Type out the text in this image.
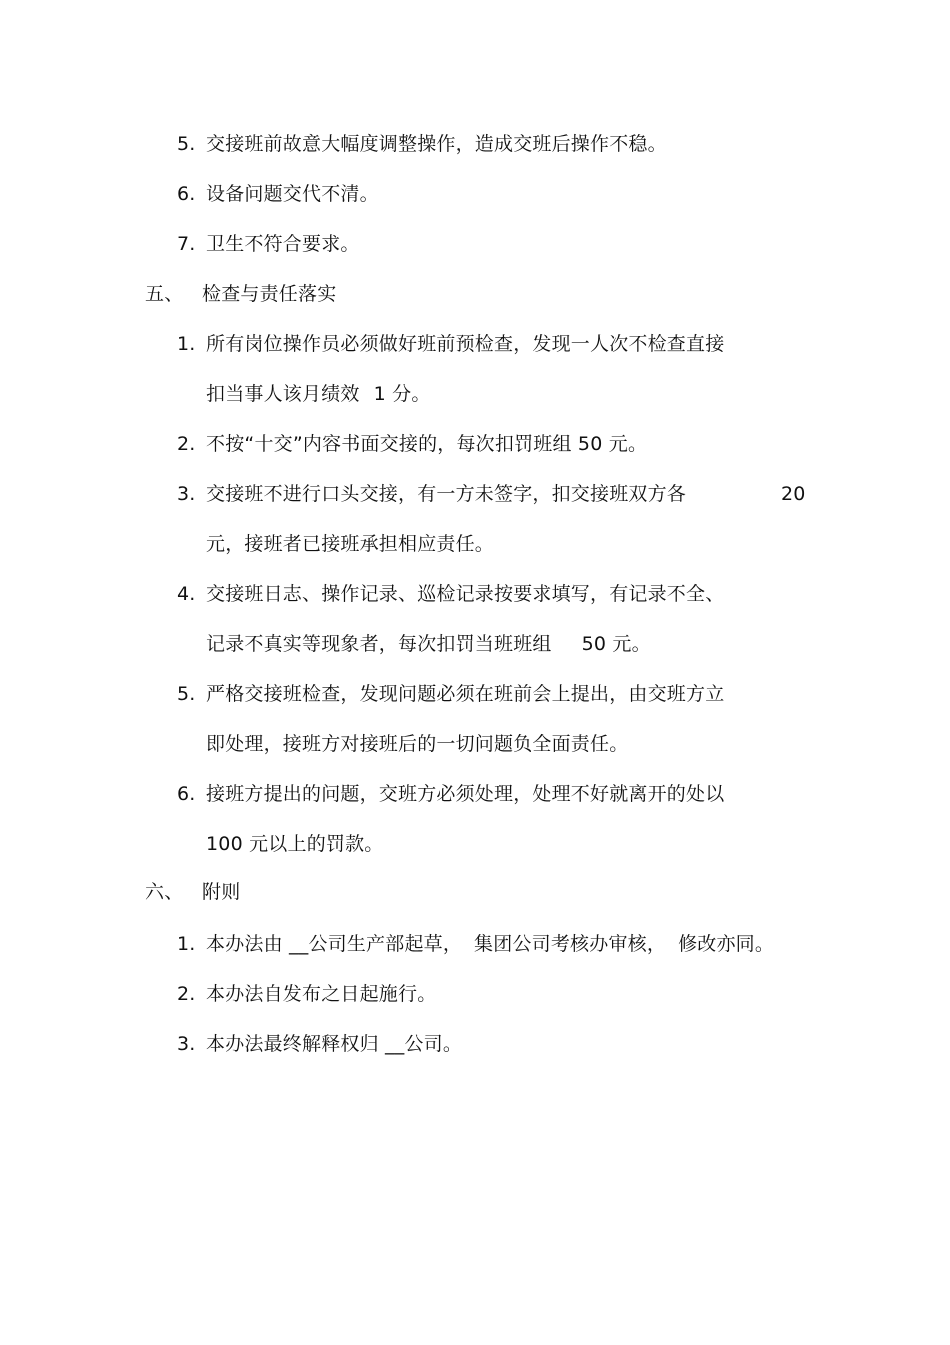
5. 交接班前故意大幅度调整操作，造成交班后操作不稳。
6. 设备问题交代不清。
7. 卫生不符合要求。
五、 检查与责任落实
1. 所有岗位操作员必须做好班前预检查，发现一人次不检查直接
扣当事人该月绩效 1 分。
2. 不按“十交”内容书面交接的，每次扣罚班组 50 元。
3. 交接班不进行口头交接，有一方未签字，扣交接班双方各	20
元，接班者已接班承担相应责任。
4. 交接班日志、操作记录、巡检记录按要求填写，有记录不全、
记录不真实等现象者，每次扣罚当班班组 50 元。
5. 严格交接班检查，发现问题必须在班前会上提出，由交班方立
即处理，接班方对接班后的一切问题负全面责任。
6. 接班方提出的问题，交班方必须处理，处理不好就离开的处以
100 元以上的罚款。
六、 附则
1. 本办法由 __公司生产部起草， 集团公司考核办审核， 修改亦同。
2. 本办法自发布之日起施行。
3. 本办法最终解释权归 __公司。
